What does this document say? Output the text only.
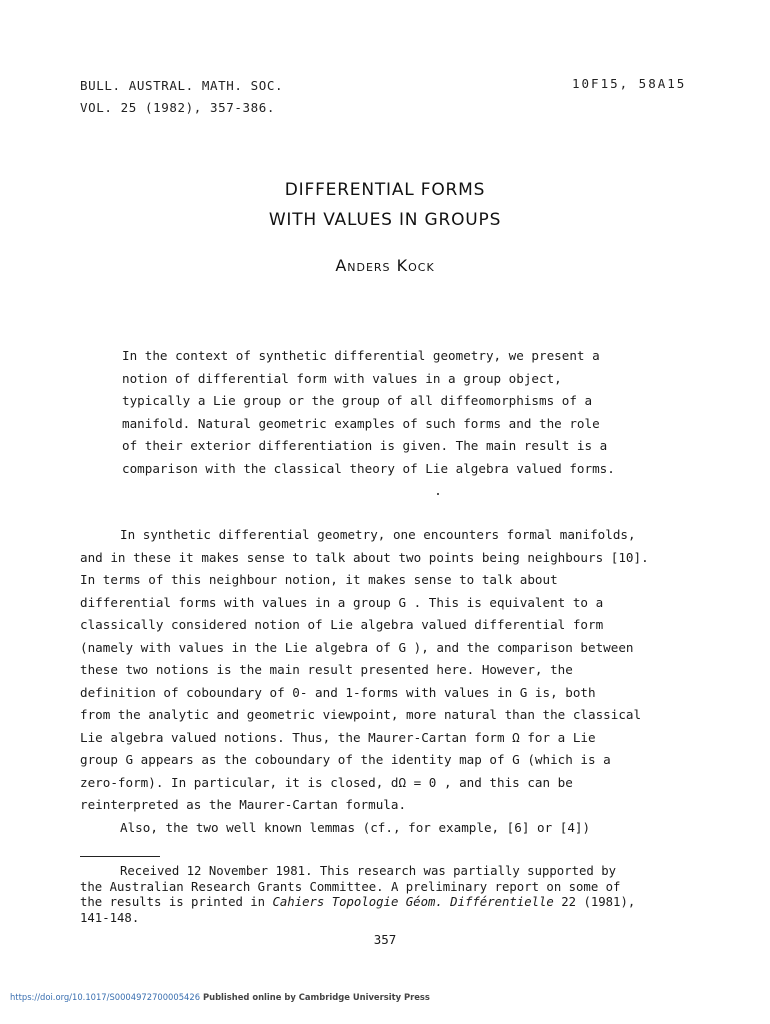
BULL. AUSTRAL. MATH. SOC.
VOL. 25 (1982), 357-386.
10F15, 58A15
DIFFERENTIAL FORMS
WITH VALUES IN GROUPS
Anders Kock
In the context of synthetic differential geometry, we present a
notion of differential form with values in a group object,
typically a Lie group or the group of all diffeomorphisms of a
manifold. Natural geometric examples of such forms and the role
of their exterior differentiation is given. The main result is a
comparison with the classical theory of Lie algebra valued forms.
In synthetic differential geometry, one encounters formal manifolds,
and in these it makes sense to talk about two points being neighbours [10].
In terms of this neighbour notion, it makes sense to talk about
differential forms with values in a group G . This is equivalent to a
classically considered notion of Lie algebra valued differential form
(namely with values in the Lie algebra of G ), and the comparison between
these two notions is the main result presented here. However, the
definition of coboundary of 0- and 1-forms with values in G is, both
from the analytic and geometric viewpoint, more natural than the classical
Lie algebra valued notions. Thus, the Maurer-Cartan form Ω for a Lie
group G appears as the coboundary of the identity map of G (which is a
zero-form). In particular, it is closed, dΩ = 0 , and this can be
reinterpreted as the Maurer-Cartan formula.
Also, the two well known lemmas (cf., for example, [6] or [4])
Received 12 November 1981. This research was partially supported by
the Australian Research Grants Committee. A preliminary report on some of
the results is printed in Cahiers Topologie Géom. Différentielle 22 (1981),
141-148.
357
https://doi.org/10.1017/S0004972700005426 Published online by Cambridge University Press
